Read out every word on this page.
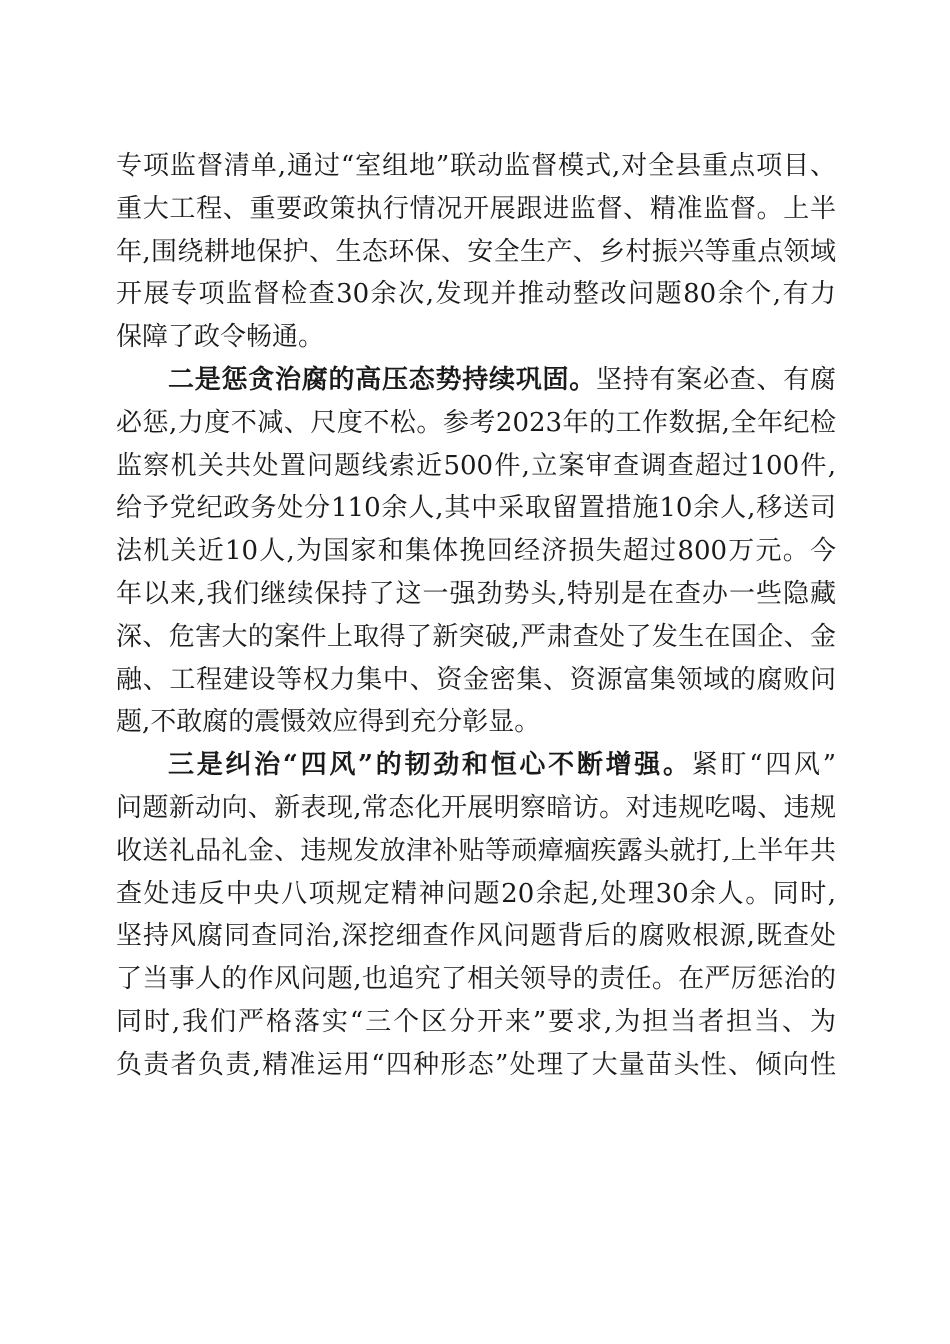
专项监督清单,通过“室组地”联动监督模式,对全县重点项目、
重大工程、重要政策执行情况开展跟进监督、精准监督。上半
年,围绕耕地保护、生态环保、安全生产、乡村振兴等重点领域
开展专项监督检查30余次,发现并推动整改问题80余个,有力
保障了政令畅通。
二是惩贪治腐的高压态势持续巩固。坚持有案必查、有腐
必惩,力度不减、尺度不松。参考2023年的工作数据,全年纪检
监察机关共处置问题线索近500件,立案审查调查超过100件,
给予党纪政务处分110余人,其中采取留置措施10余人,移送司
法机关近10人,为国家和集体挽回经济损失超过800万元。今
年以来,我们继续保持了这一强劲势头,特别是在查办一些隐藏
深、危害大的案件上取得了新突破,严肃查处了发生在国企、金
融、工程建设等权力集中、资金密集、资源富集领域的腐败问
题,不敢腐的震慑效应得到充分彰显。
三是纠治“四风”的韧劲和恒心不断增强。紧盯“四风”
问题新动向、新表现,常态化开展明察暗访。对违规吃喝、违规
收送礼品礼金、违规发放津补贴等顽瘴痼疾露头就打,上半年共
查处违反中央八项规定精神问题20余起,处理30余人。同时,
坚持风腐同查同治,深挖细查作风问题背后的腐败根源,既查处
了当事人的作风问题,也追究了相关领导的责任。在严厉惩治的
同时,我们严格落实“三个区分开来”要求,为担当者担当、为
负责者负责,精准运用“四种形态”处理了大量苗头性、倾向性
